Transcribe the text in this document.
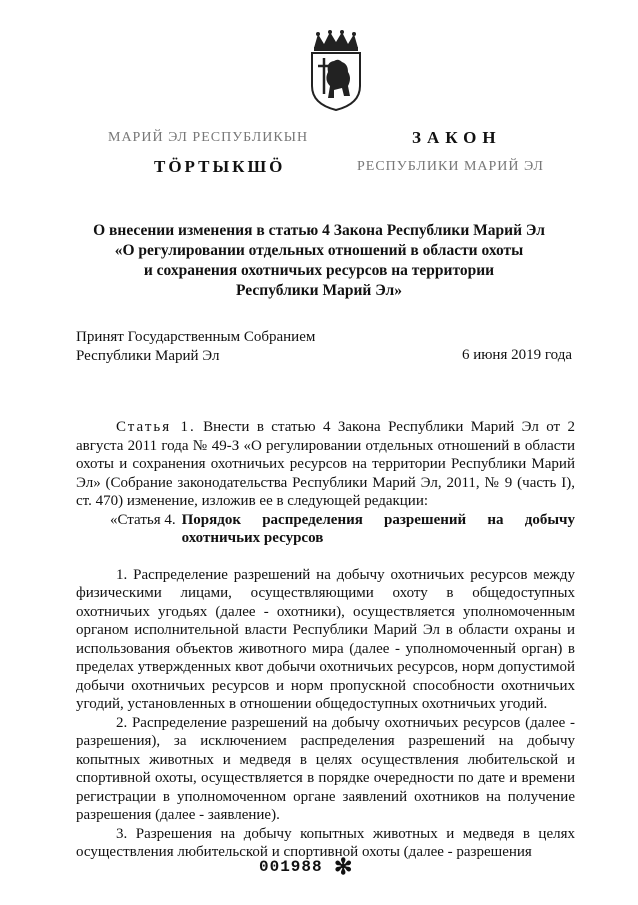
МАРИЙ ЭЛ РЕСПУБЛИКЫН	ЗАКОН
ТӦРТЫКШӦ	РЕСПУБЛИКИ МАРИЙ ЭЛ
О внесении изменения в статью 4 Закона Республики Марий Эл
«О регулировании отдельных отношений в области охоты
и сохранения охотничьих ресурсов на территории
Республики Марий Эл»
Принят Государственным Собранием
Республики Марий Эл	6 июня 2019 года

Статья 1. Внести в статью 4 Закона Республики Марий Эл от 2 августа 2011 года № 49-З «О регулировании отдельных отношений в области охоты и сохранения охотничьих ресурсов на территории Республики Марий Эл» (Собрание законодательства Республики Марий Эл, 2011, № 9 (часть I), ст. 470) изменение, изложив ее в следующей редакции:

«Статья 4. Порядок распределения разрешений на добычу охотничьих ресурсов

1. Распределение разрешений на добычу охотничьих ресурсов между физическими лицами, осуществляющими охоту в общедоступных охотничьих угодьях (далее - охотники), осуществляется уполномоченным органом исполнительной власти Республики Марий Эл в области охраны и использования объектов животного мира (далее - уполномоченный орган) в пределах утвержденных квот добычи охотничьих ресурсов, норм допустимой добычи охотничьих ресурсов и норм пропускной способности охотничьих угодий, установленных в отношении общедоступных охотничьих угодий.

2. Распределение разрешений на добычу охотничьих ресурсов (далее - разрешения), за исключением распределения разрешений на добычу копытных животных и медведя в целях осуществления любительской и спортивной охоты, осуществляется в порядке очередности по дате и времени регистрации в уполномоченном органе заявлений охотников на получение разрешения (далее - заявление).

3. Разрешения на добычу копытных животных и медведя в целях осуществления любительской и спортивной охоты (далее - разрешения

001988 ✻
